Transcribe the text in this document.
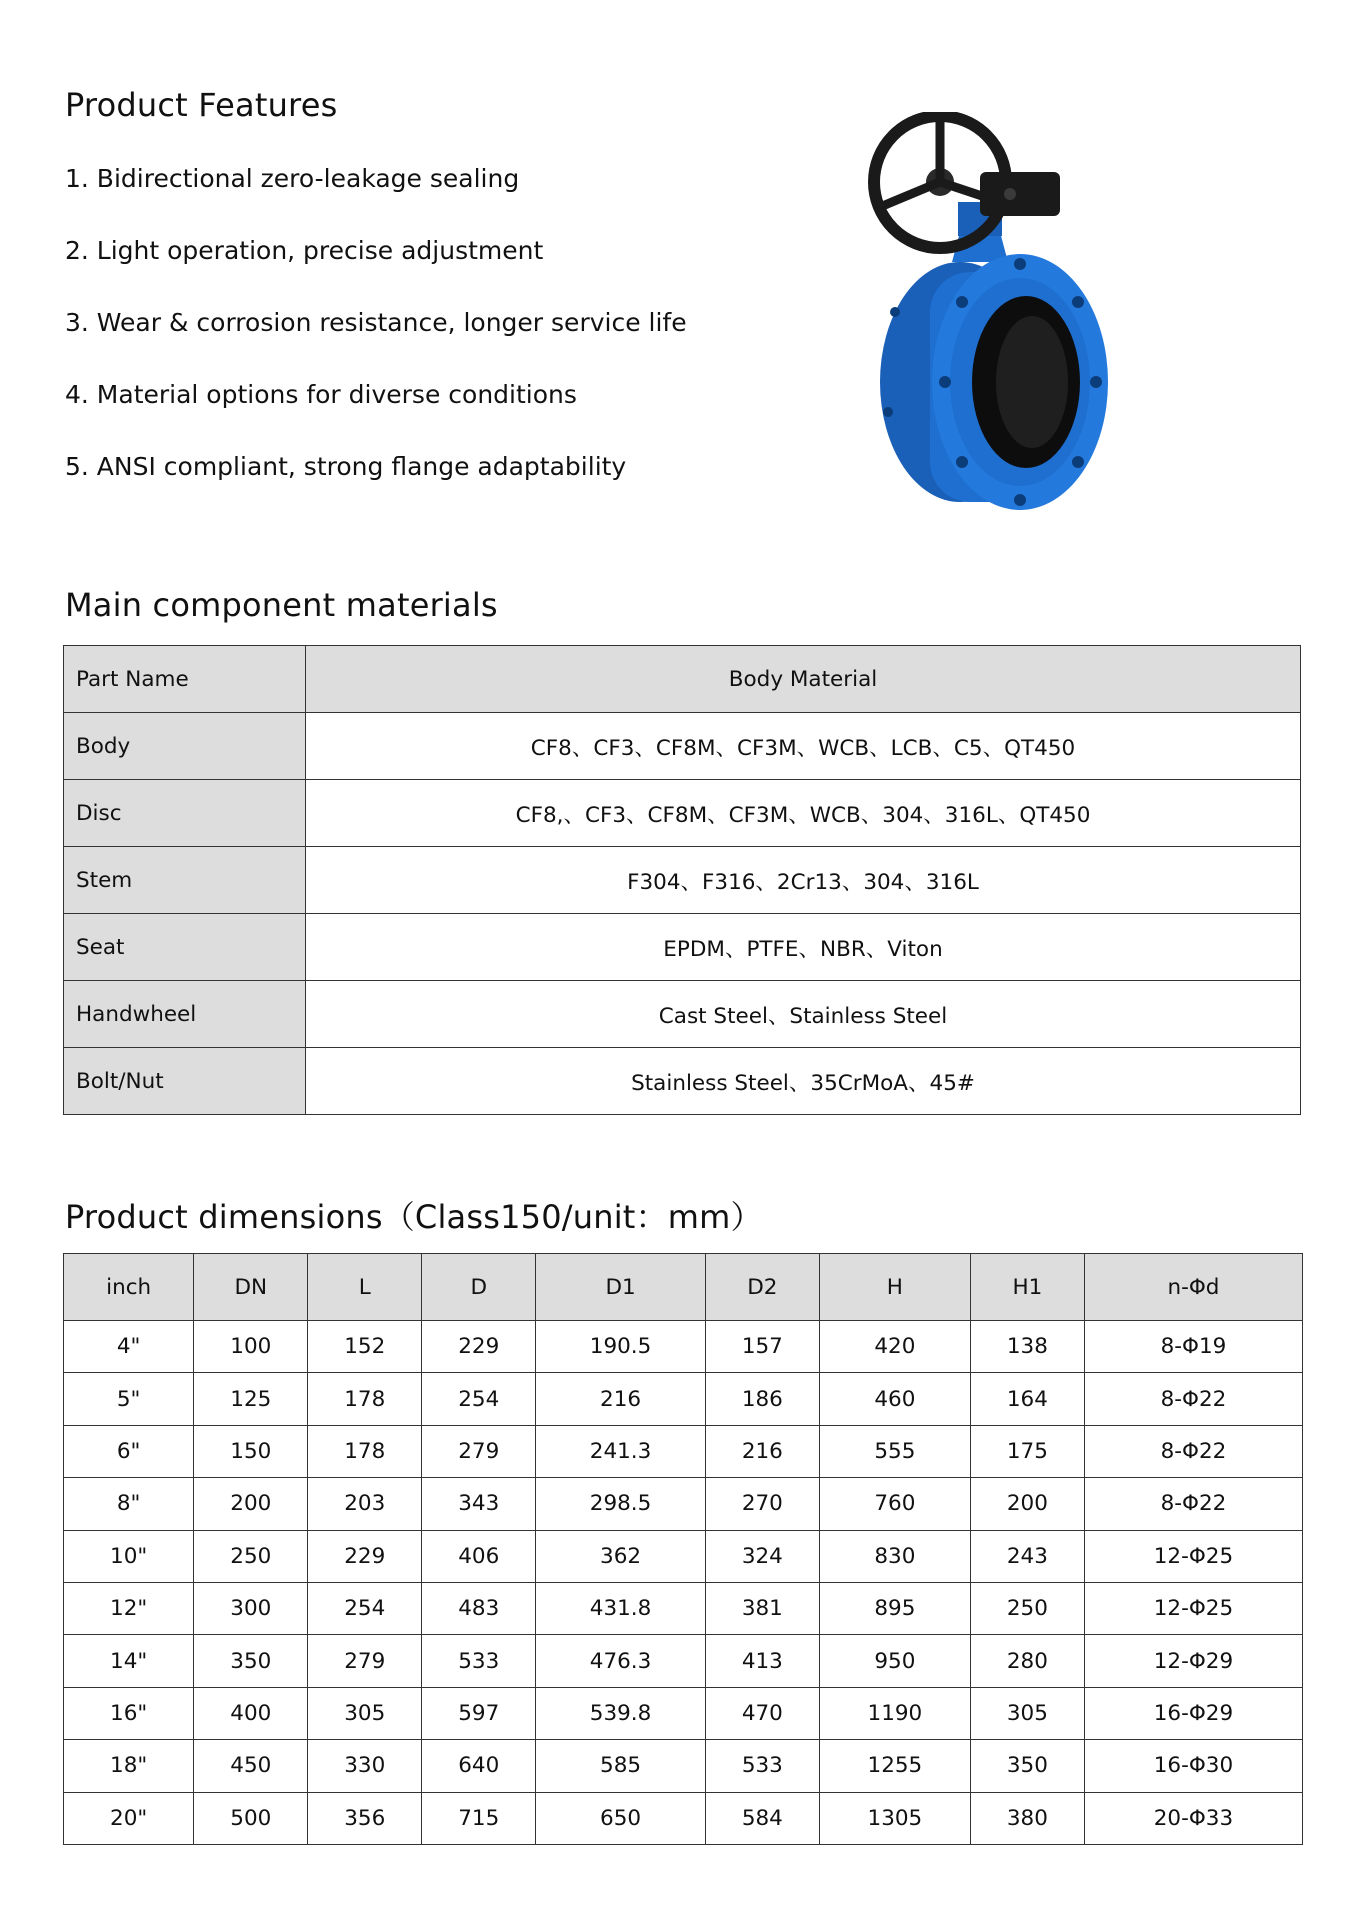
Product Features
1. Bidirectional zero-leakage sealing
2. Light operation, precise adjustment
3. Wear & corrosion resistance, longer service life
4. Material options for diverse conditions
5. ANSI compliant, strong flange adaptability
Main component materials
Part Name	Body Material
Body	CF8、CF3、CF8M、CF3M、WCB、LCB、C5、QT450
Disc	CF8,、CF3、CF8M、CF3M、WCB、304、316L、QT450
Stem	F304、F316、2Cr13、304、316L
Seat	EPDM、PTFE、NBR、Viton
Handwheel	Cast Steel、Stainless Steel
Bolt/Nut	Stainless Steel、35CrMoA、45#
Product dimensions（Class150/unit：mm）
inch	DN	L	D	D1	D2	H	H1	n-Φd
4"	100	152	229	190.5	157	420	138	8-Φ19
5"	125	178	254	216	186	460	164	8-Φ22
6"	150	178	279	241.3	216	555	175	8-Φ22
8"	200	203	343	298.5	270	760	200	8-Φ22
10"	250	229	406	362	324	830	243	12-Φ25
12"	300	254	483	431.8	381	895	250	12-Φ25
14"	350	279	533	476.3	413	950	280	12-Φ29
16"	400	305	597	539.8	470	1190	305	16-Φ29
18"	450	330	640	585	533	1255	350	16-Φ30
20"	500	356	715	650	584	1305	380	20-Φ33
